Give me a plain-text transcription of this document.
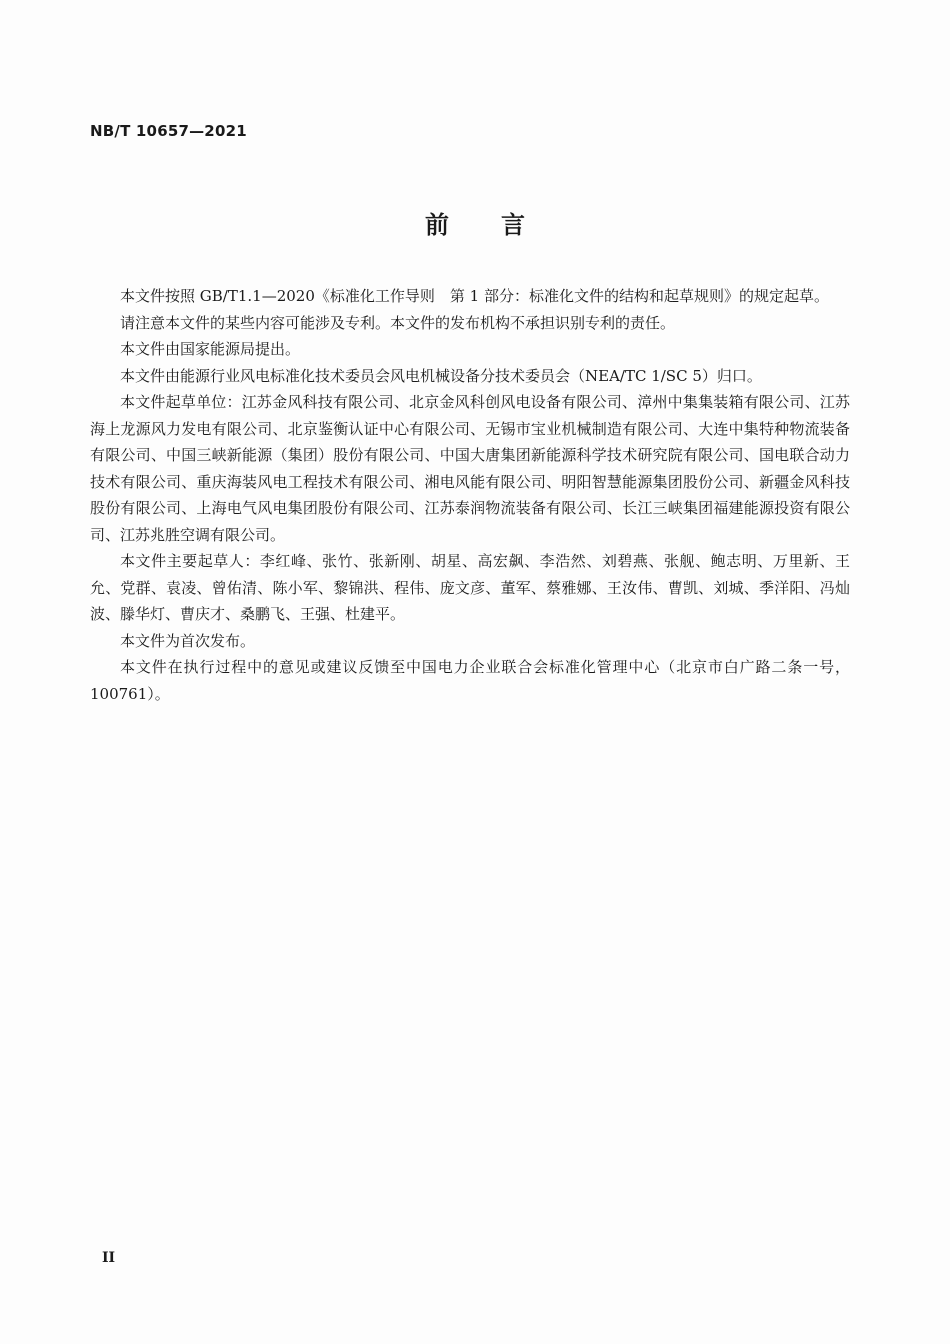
NB/T 10657—2021
前言

本文件按照 GB/T1.1—2020《标准化工作导则　第 1 部分：标准化文件的结构和起草规则》的规定起草。

请注意本文件的某些内容可能涉及专利。本文件的发布机构不承担识别专利的责任。

本文件由国家能源局提出。

本文件由能源行业风电标准化技术委员会风电机械设备分技术委员会（NEA/TC 1/SC 5）归口。

本文件起草单位：江苏金风科技有限公司、北京金风科创风电设备有限公司、漳州中集集装箱有限公司、江苏海上龙源风力发电有限公司、北京鉴衡认证中心有限公司、无锡市宝业机械制造有限公司、大连中集特种物流装备有限公司、中国三峡新能源（集团）股份有限公司、中国大唐集团新能源科学技术研究院有限公司、国电联合动力技术有限公司、重庆海装风电工程技术有限公司、湘电风能有限公司、明阳智慧能源集团股份公司、新疆金风科技股份有限公司、上海电气风电集团股份有限公司、江苏泰润物流装备有限公司、长江三峡集团福建能源投资有限公司、江苏兆胜空调有限公司。

本文件主要起草人：李红峰、张竹、张新刚、胡星、高宏飙、李浩然、刘碧燕、张舰、鲍志明、万里新、王允、党群、袁凌、曾佑清、陈小军、黎锦洪、程伟、庞文彦、董军、蔡雅娜、王汝伟、曹凯、刘城、季洋阳、冯灿波、滕华灯、曹庆才、桑鹏飞、王强、杜建平。

本文件为首次发布。

本文件在执行过程中的意见或建议反馈至中国电力企业联合会标准化管理中心（北京市白广路二条一号，100761）。

II
